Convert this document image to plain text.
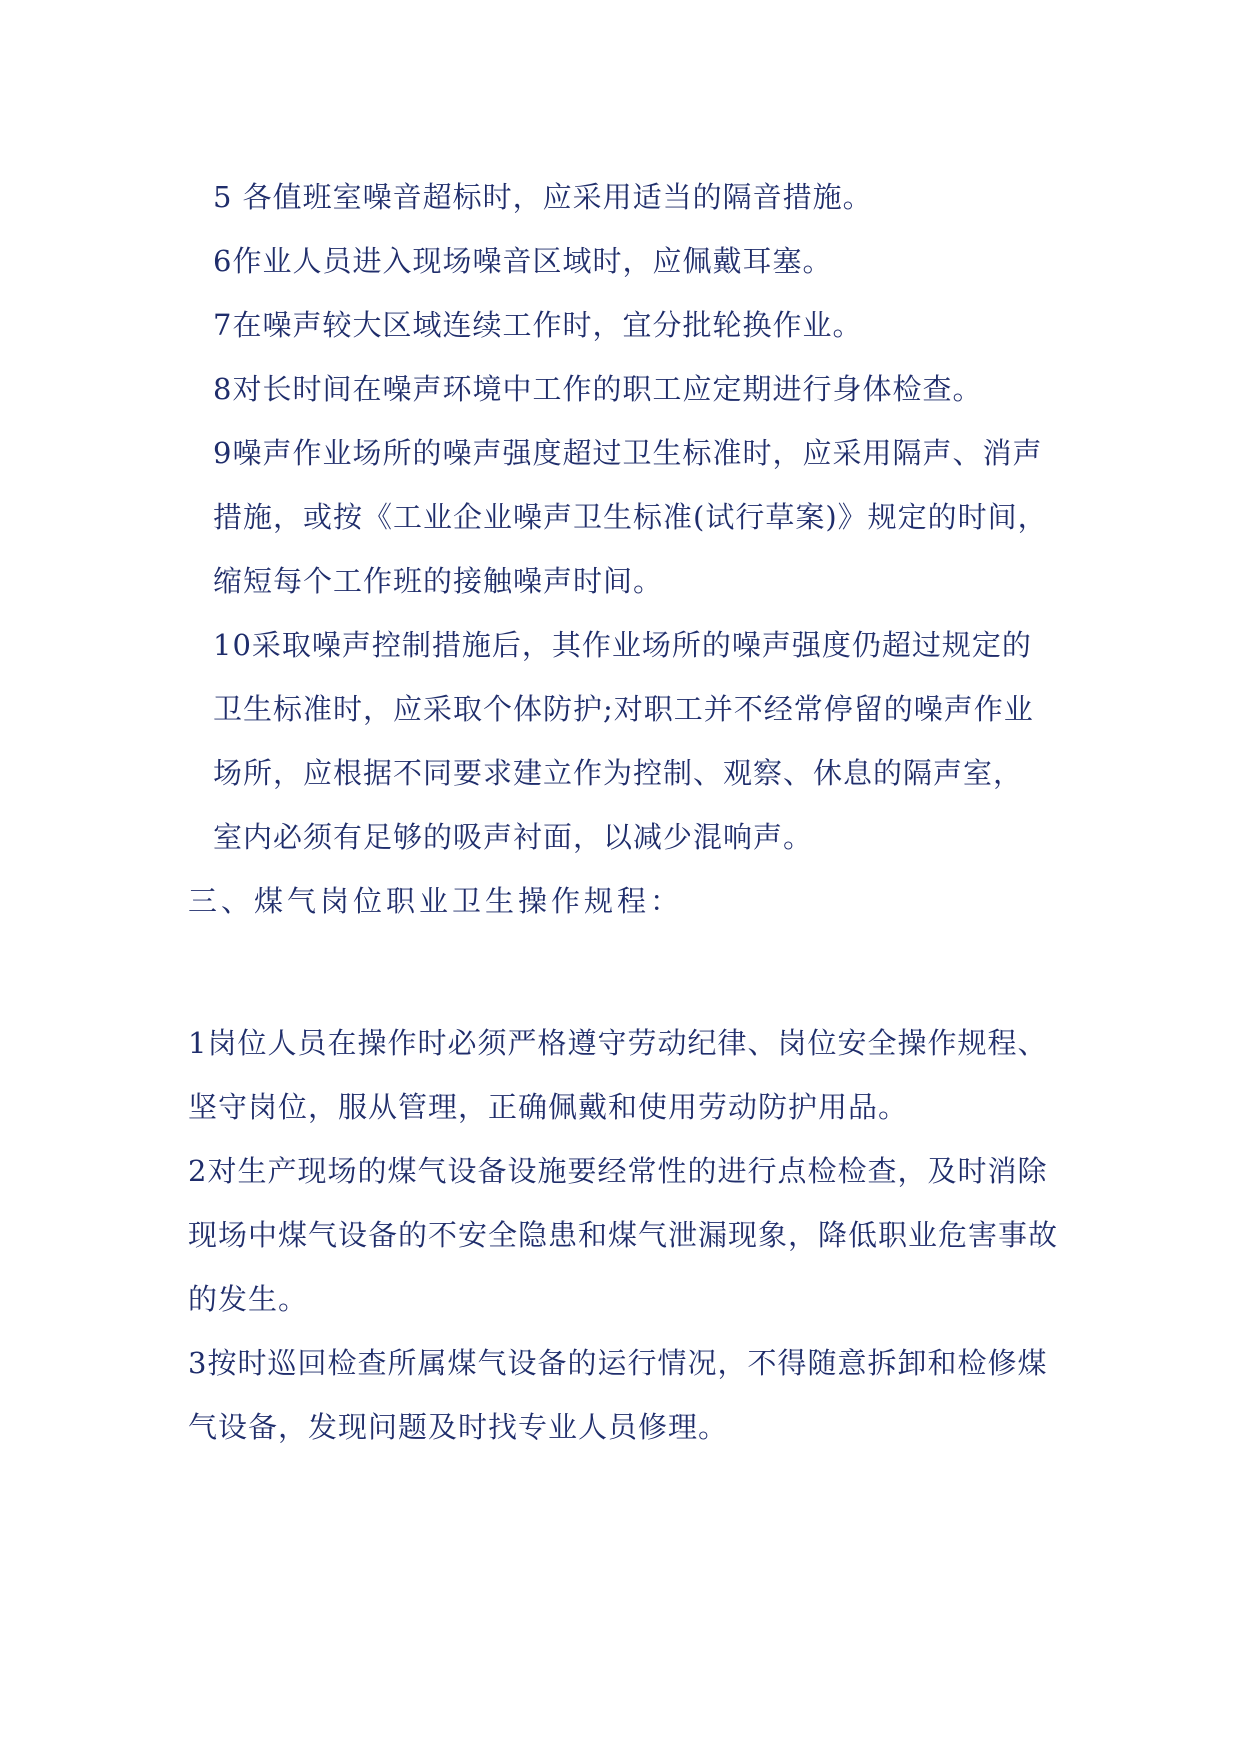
5 各值班室噪音超标时，应采用适当的隔音措施。
6作业人员进入现场噪音区域时，应佩戴耳塞。
7在噪声较大区域连续工作时，宜分批轮换作业。
8对长时间在噪声环境中工作的职工应定期进行身体检查。
9噪声作业场所的噪声强度超过卫生标准时，应采用隔声、消声
措施，或按《工业企业噪声卫生标准(试行草案)》规定的时间，
缩短每个工作班的接触噪声时间。
10采取噪声控制措施后，其作业场所的噪声强度仍超过规定的
卫生标准时，应采取个体防护;对职工并不经常停留的噪声作业
场所，应根据不同要求建立作为控制、观察、休息的隔声室，
室内必须有足够的吸声衬面，以减少混响声。
三、煤气岗位职业卫生操作规程：
1岗位人员在操作时必须严格遵守劳动纪律、岗位安全操作规程、
坚守岗位，服从管理，正确佩戴和使用劳动防护用品。
2对生产现场的煤气设备设施要经常性的进行点检检查，及时消除
现场中煤气设备的不安全隐患和煤气泄漏现象，降低职业危害事故
的发生。
3按时巡回检查所属煤气设备的运行情况，不得随意拆卸和检修煤
气设备，发现问题及时找专业人员修理。
